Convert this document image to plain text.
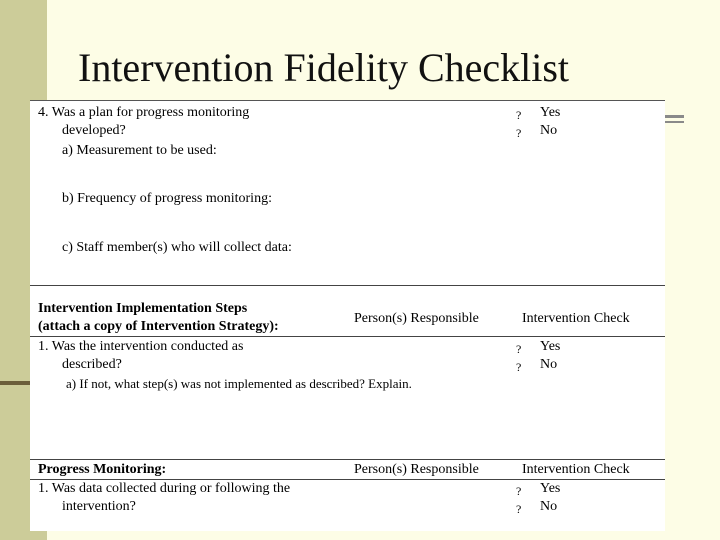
Intervention Fidelity Checklist
4. Was a plan for progress monitoring
developed?
? Yes
? No
a) Measurement to be used:
b) Frequency of progress monitoring:
c) Staff member(s) who will collect data:
Intervention Implementation Steps
(attach a copy of Intervention Strategy):
Person(s) Responsible	Intervention Check
1. Was the intervention conducted as
described?
? Yes
? No
a) If not, what step(s) was not implemented as described? Explain.
Progress Monitoring:	Person(s) Responsible	Intervention Check
1. Was data collected during or following the
intervention?
? Yes
? No
